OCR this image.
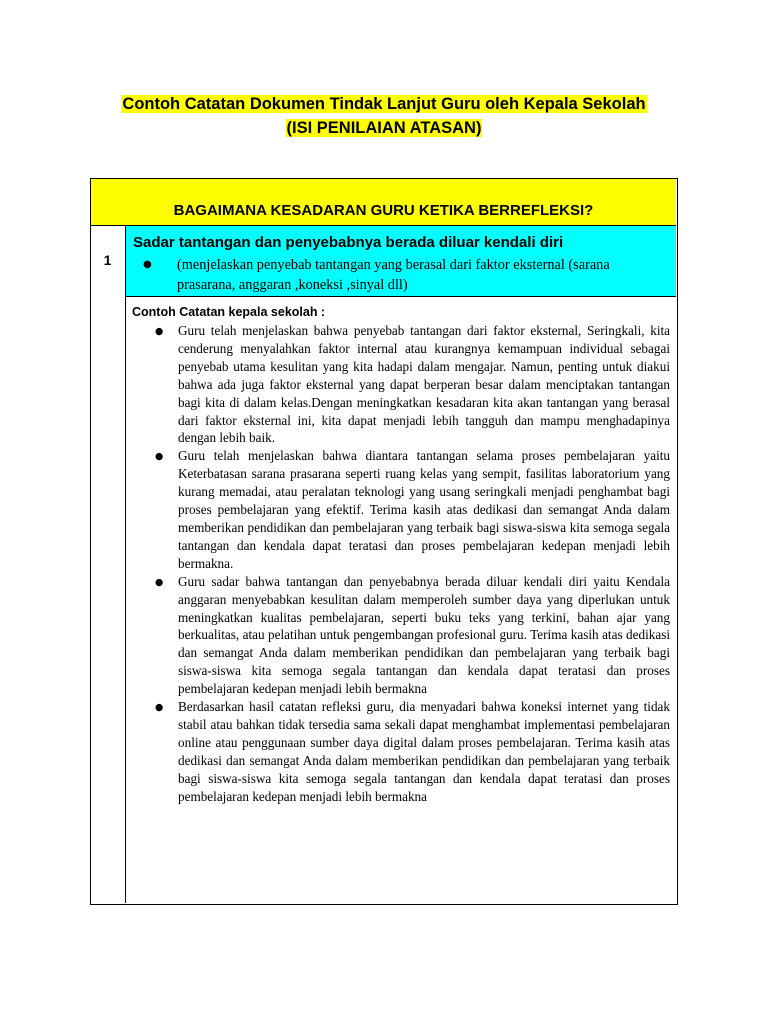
Contoh Catatan Dokumen Tindak Lanjut Guru oleh Kepala Sekolah
(ISI PENILAIAN ATASAN)
BAGAIMANA KESADARAN GURU KETIKA BERREFLEKSI?
1
Sadar tantangan dan penyebabnya berada diluar kendali diri
● (menjelaskan penyebab tantangan yang berasal dari faktor eksternal (sarana prasarana, anggaran ,koneksi ,sinyal dll)
Contoh Catatan kepala sekolah :
● Guru telah menjelaskan bahwa penyebab tantangan dari faktor eksternal, Seringkali, kita cenderung menyalahkan faktor internal atau kurangnya kemampuan individual sebagai penyebab utama kesulitan yang kita hadapi dalam mengajar. Namun, penting untuk diakui bahwa ada juga faktor eksternal yang dapat berperan besar dalam menciptakan tantangan bagi kita di dalam kelas.Dengan meningkatkan kesadaran kita akan tantangan yang berasal dari faktor eksternal ini, kita dapat menjadi lebih tangguh dan mampu menghadapinya dengan lebih baik.
● Guru telah menjelaskan bahwa diantara tantangan selama proses pembelajaran yaitu Keterbatasan sarana prasarana seperti ruang kelas yang sempit, fasilitas laboratorium yang kurang memadai, atau peralatan teknologi yang usang seringkali menjadi penghambat bagi proses pembelajaran yang efektif. Terima kasih atas dedikasi dan semangat Anda dalam memberikan pendidikan dan pembelajaran yang terbaik bagi siswa-siswa kita semoga segala tantangan dan kendala dapat teratasi dan proses pembelajaran kedepan menjadi lebih bermakna.
● Guru sadar bahwa tantangan dan penyebabnya berada diluar kendali diri yaitu Kendala anggaran menyebabkan kesulitan dalam memperoleh sumber daya yang diperlukan untuk meningkatkan kualitas pembelajaran, seperti buku teks yang terkini, bahan ajar yang berkualitas, atau pelatihan untuk pengembangan profesional guru. Terima kasih atas dedikasi dan semangat Anda dalam memberikan pendidikan dan pembelajaran yang terbaik bagi siswa-siswa kita semoga segala tantangan dan kendala dapat teratasi dan proses pembelajaran kedepan menjadi lebih bermakna
● Berdasarkan hasil catatan refleksi guru, dia menyadari bahwa koneksi internet yang tidak stabil atau bahkan tidak tersedia sama sekali dapat menghambat implementasi pembelajaran online atau penggunaan sumber daya digital dalam proses pembelajaran. Terima kasih atas dedikasi dan semangat Anda dalam memberikan pendidikan dan pembelajaran yang terbaik bagi siswa-siswa kita semoga segala tantangan dan kendala dapat teratasi dan proses pembelajaran kedepan menjadi lebih bermakna
